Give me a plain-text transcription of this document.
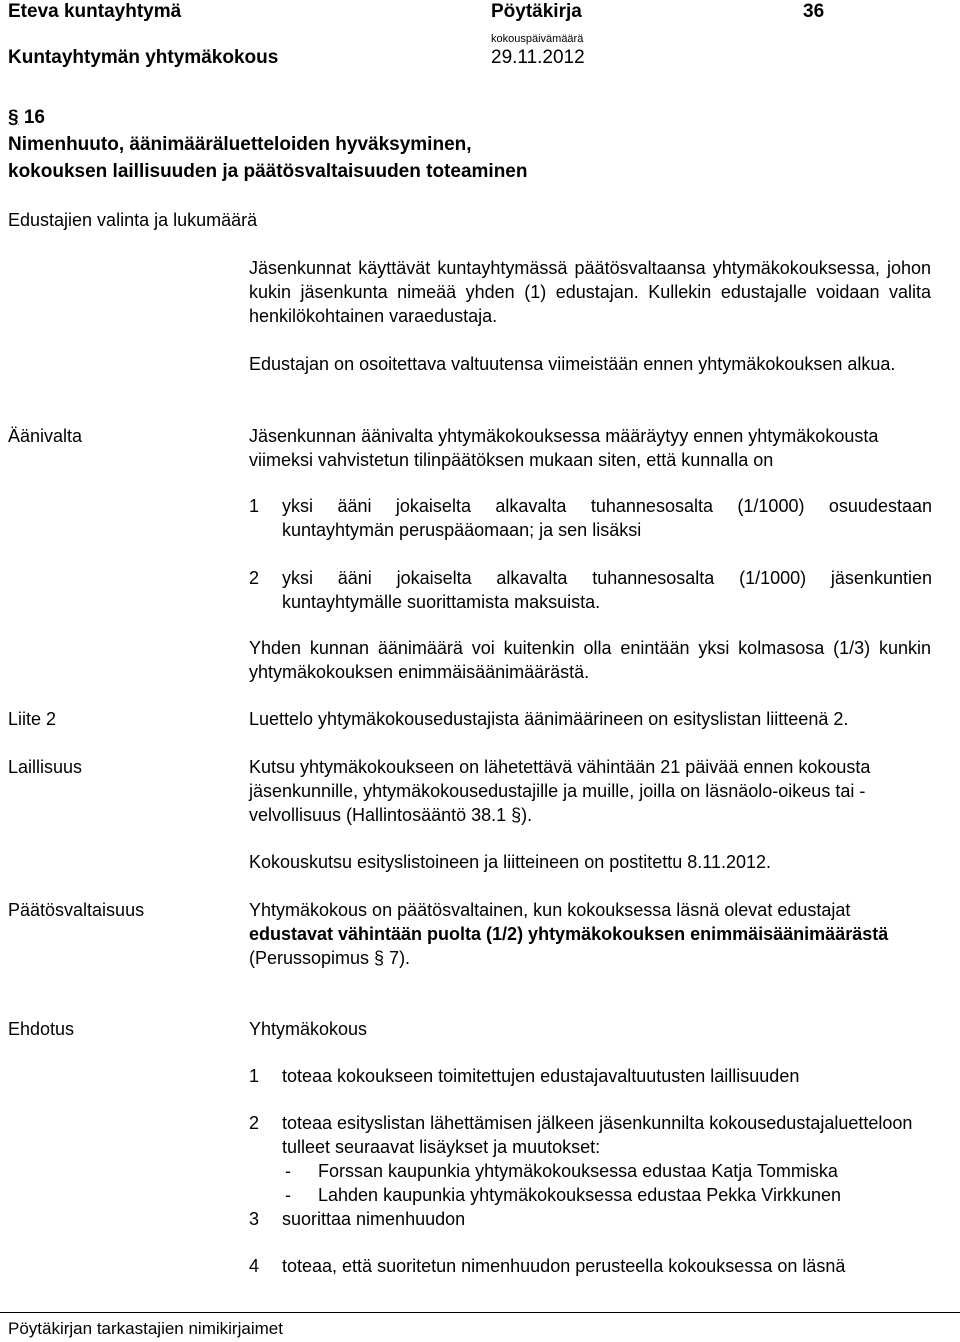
Eteva kuntayhtymä	Pöytäkirja	36
Kuntayhtymän yhtymäkokous
kokouspäivämäärä
29.11.2012
§ 16
Nimenhuuto, äänimääräluetteloiden hyväksyminen,
kokouksen laillisuuden ja päätösvaltaisuuden toteaminen
Edustajien valinta ja lukumäärä
Jäsenkunnat käyttävät kuntayhtymässä päätösvaltaansa yhtymäkokouksessa, johon kukin jäsenkunta nimeää yhden (1) edustajan. Kullekin edustajalle voidaan valita henkilökohtainen varaedustaja.
Edustajan on osoitettava valtuutensa viimeistään ennen yhtymäkokouksen alkua.
Äänivalta	Jäsenkunnan äänivalta yhtymäkokouksessa määräytyy ennen yhtymäkokousta viimeksi vahvistetun tilinpäätöksen mukaan siten, että kunnalla on
1 yksi ääni jokaiselta alkavalta tuhannesosalta (1/1000) osuudestaan kuntayhtymän peruspääomaan; ja sen lisäksi
2 yksi ääni jokaiselta alkavalta tuhannesosalta (1/1000) jäsenkuntien kuntayhtymälle suorittamista maksuista.
Yhden kunnan äänimäärä voi kuitenkin olla enintään yksi kolmasosa (1/3) kunkin yhtymäkokouksen enimmäisäänimäärästä.
Liite 2	Luettelo yhtymäkokousedustajista äänimäärineen on esityslistan liitteenä 2.
Laillisuus	Kutsu yhtymäkokoukseen on lähetettävä vähintään 21 päivää ennen kokousta jäsenkunnille, yhtymäkokousedustajille ja muille, joilla on läsnäolo-oikeus tai -velvollisuus (Hallintosääntö 38.1 §).
Kokouskutsu esityslistoineen ja liitteineen on postitettu 8.11.2012.
Päätösvaltaisuus	Yhtymäkokous on päätösvaltainen, kun kokouksessa läsnä olevat edustajat edustavat vähintään puolta (1/2) yhtymäkokouksen enimmäisäänimäärästä (Perussopimus § 7).
Ehdotus	Yhtymäkokous
1 toteaa kokoukseen toimitettujen edustajavaltuutusten laillisuuden
2 toteaa esityslistan lähettämisen jälkeen jäsenkunnilta kokousedustajaluetteloon tulleet seuraavat lisäykset ja muutokset:
- Forssan kaupunkia yhtymäkokouksessa edustaa Katja Tommiska
- Lahden kaupunkia yhtymäkokouksessa edustaa Pekka Virkkunen
3 suorittaa nimenhuudon
4 toteaa, että suoritetun nimenhuudon perusteella kokouksessa on läsnä
Pöytäkirjan tarkastajien nimikirjaimet
